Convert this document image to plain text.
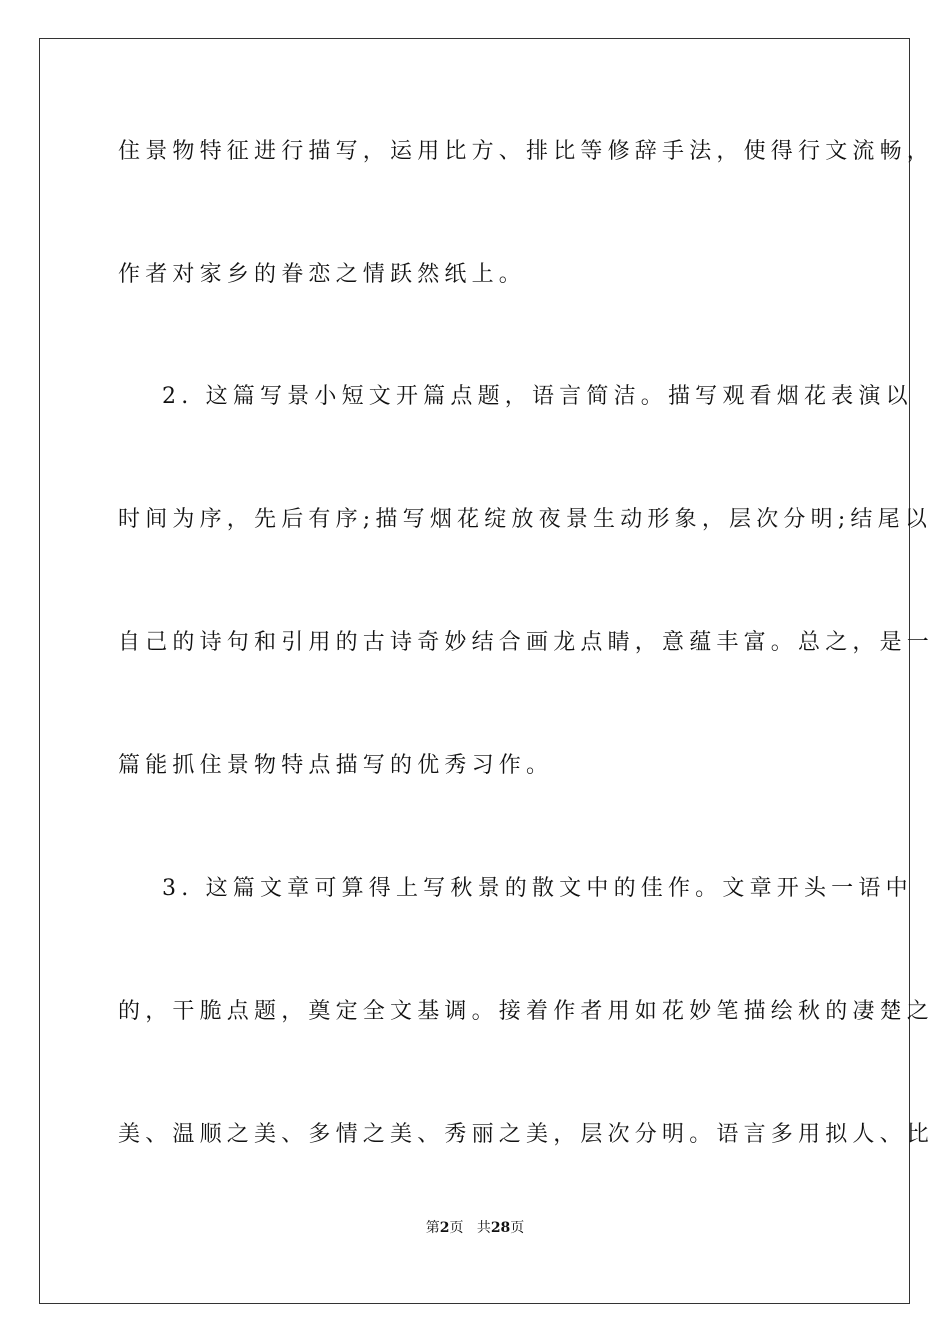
住景物特征进行描写，运用比方、排比等修辞手法，使得行文流畅，
作者对家乡的眷恋之情跃然纸上。
2. 这篇写景小短文开篇点题，语言简洁。描写观看烟花表演以
时间为序，先后有序;描写烟花绽放夜景生动形象，层次分明;结尾以
自己的诗句和引用的古诗奇妙结合画龙点睛，意蕴丰富。总之，是一
篇能抓住景物特点描写的优秀习作。
3. 这篇文章可算得上写秋景的散文中的佳作。文章开头一语中
的，干脆点题，奠定全文基调。接着作者用如花妙笔描绘秋的凄楚之
美、温顺之美、多情之美、秀丽之美，层次分明。语言多用拟人、比
第2页 共28页
